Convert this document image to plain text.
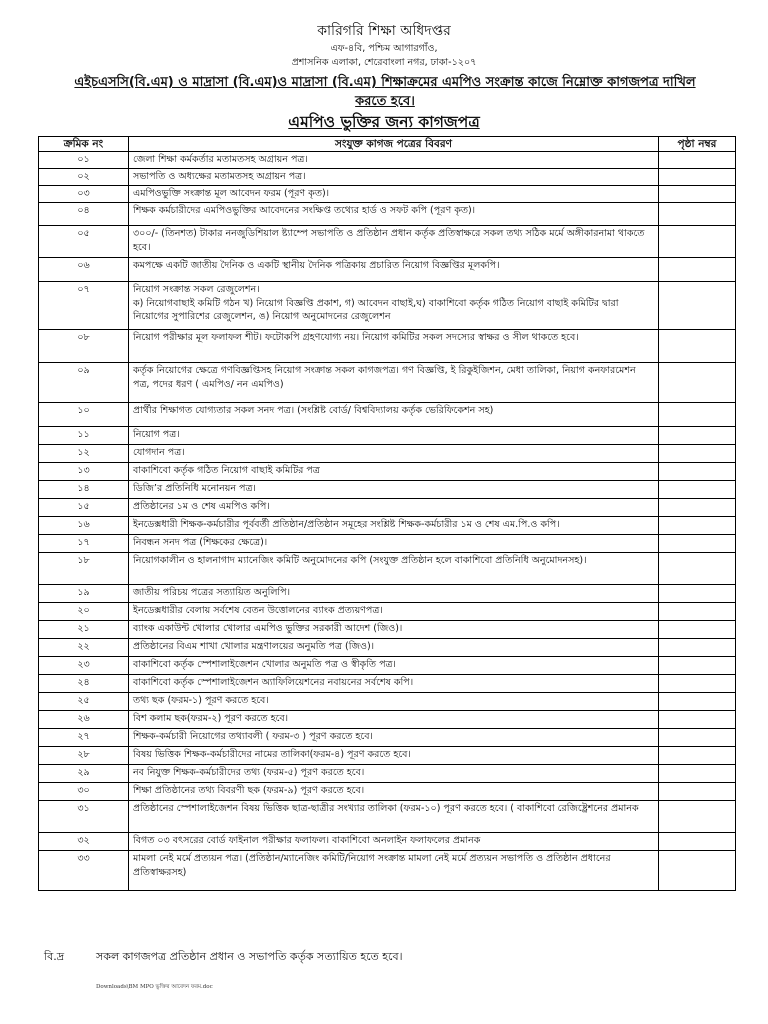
কারিগরি শিক্ষা অধিদপ্তর
এফ-৪বি, পশ্চিম আগারগাঁও,
প্রশাসনিক এলাকা, শেরেবাংলা নগর, ঢাকা-১২০৭
এইচএসসি(বি.এম) ও মাদ্রাসা (বি.এম)ও মাদ্রাসা (বি.এম) শিক্ষাক্রমের এমপিও সংক্রান্ত কাজে নিম্নোক্ত কাগজপত্র দাখিল করতে হবে।
এমপিও ভুক্তির জন্য কাগজপত্র
ক্রমিক নং	সংযুক্ত কাগজ পত্রের বিবরণ	পৃষ্ঠা নম্বর
০১	জেলা শিক্ষা কর্মকর্তার মতামতসহ অগ্রায়ন পত্র।	
০২	সভাপতি ও অধ্যক্ষের মতামতসহ অগ্রায়ন পত্র।	
০৩	এমপিওভুক্তি সংক্রান্ত মূল আবেদন ফরম (পূরণ কৃত)।	
০৪	শিক্ষক কর্মচারীদের এমপিওভুক্তির আবেদনের সংক্ষিপ্ত তথ্যের হার্ড ও সফট কপি (পূরণ কৃত)।	
০৫	৩০০/- (তিনশত) টাকার ননজুডিশিয়াল ষ্ট্যাম্পে সভাপতি ও প্রতিষ্ঠান প্রধান কর্তৃক প্রতিস্বাক্ষরে সকল তথ্য সঠিক মর্মে অঙ্গীকারনামা থাকতে হবে।	
০৬	কমপক্ষে একটি জাতীয় দৈনিক ও একটি স্থানীয় দৈনিক পত্রিকায় প্রচারিত নিয়োগ বিজ্ঞপ্তির মূলকপি।	
০৭	নিয়োগ সংক্রান্ত সকল রেজুলেশন।
ক) নিয়োগবাছাই কমিটি গঠন খ) নিয়োগ বিজ্ঞপ্তি প্রকাশ, গ) আবেদন বাছাই,ঘ) বাকাশিবো কর্তৃক গঠিত নিয়োগ বাছাই কমিটির দ্বারা নিয়োগের সুপারিশের রেজুলেশন, ঙ) নিয়োগ অনুমোদনের রেজুলেশন	
০৮	নিয়োগ পরীক্ষার মূল ফলাফল শীট। ফটোকপি গ্রহণযোগ্য নয়। নিয়োগ কমিটির সকল সদস্যের স্বাক্ষর ও সীল থাকতে হবে।	
০৯	কর্তৃক নিয়োগের ক্ষেত্রে গণবিজ্ঞপ্তিসহ নিয়োগ সংক্রান্ত সকল কাগজপত্র। গণ বিজ্ঞপ্তি, ই রিকুইজিশন, মেধা তালিকা, নিয়াগ কনফারমেশন পত্র, পদের ধরণ ( এমপিও/ নন এমপিও)	
১০	প্রার্থীর শিক্ষাগত যোগ্যতার সকল সনদ পত্র। (সংশ্লিষ্ট বোর্ড/ বিশ্ববিদ্যালয় কর্তৃক ভেরিফিকেশন সহ)	
১১	নিয়োগ পত্র।	
১২	যোগদান পত্র।	
১৩	বাকাশিবো কর্তৃক গঠিত নিয়োগ বাছাই কমিটির পত্র	
১৪	ডিজি’র প্রতিনিধি মনোনয়ন পত্র।	
১৫	প্রতিষ্ঠানের ১ম ও শেষ এমপিও কপি।	
১৬	ইনডেক্সধারী শিক্ষক-কর্মচারীর পূর্ববর্তী প্রতিষ্ঠান/প্রতিষ্ঠান সমূহের সংশ্লিষ্ট শিক্ষক-কর্মচারীর ১ম ও শেষ এম.পি.ও কপি।	
১৭	নিবন্ধন সনদ পত্র (শিক্ষকের ক্ষেত্রে)।	
১৮	নিয়োগকালীন ও হালনাগাদ ম্যানেজিং কমিটি অনুমোদনের কপি (সংযুক্ত প্রতিষ্ঠান হলে বাকাশিবো প্রতিনিধি অনুমোদনসহ)।	
১৯	জাতীয় পরিচয় পত্রের সত্যায়িত অনুলিপি।	
২০	ইনডেক্সধারীর বেলায় সর্বশেষ বেতন উত্তোলনের ব্যাংক প্রত্যয়ণপত্র।	
২১	ব্যাংক একাউন্ট খোলার খোলার এমপিও ভুক্তির সরকারী আদেশ (জিও)।	
২২	প্রতিষ্ঠানের বিএম শাখা খোলার মন্ত্রণালয়ের অনুমতি পত্র (জিও)।	
২৩	বাকাশিবো কর্তৃক স্পেশালাইজেশন খোলার অনুমতি পত্র ও স্বীকৃতি পত্র।	
২৪	বাকাশিবো কর্তৃক স্পেশালাইজেশন অ্যাফিলিয়েশনের নবায়নের সর্বশেষ কপি।	
২৫	তথ্য ছক (ফরম-১) পূরণ করতে হবে।	
২৬	বিশ কলাম ছক(ফরম-২) পূরণ করতে হবে।	
২৭	শিক্ষক-কর্মচারী নিয়োগের তথ্যাবলী ( ফরম-৩ ) পূরণ করতে হবে।	
২৮	বিষয় ভিত্তিক শিক্ষক-কর্মচারীদের নামের তালিকা(ফরম-৪) পূরণ করতে হবে।	
২৯	নব নিযুক্ত শিক্ষক-কর্মচারীদের তথ্য (ফরম-৫) পূরণ করতে হবে।	
৩০	শিক্ষা প্রতিষ্ঠানের তথ্য বিবরণী ছক (ফরম-৯) পূরণ করতে হবে।	
৩১	প্রতিষ্ঠানের স্পেশালাইজেশন বিষয় ভিত্তিক ছাত্র-ছাত্রীর সংখ্যার তালিকা (ফরম-১০) পূরণ করতে হবে। ( বাকাশিবো রেজিষ্ট্রেশনের প্রমানক	
৩২	বিগত ০৩ বৎসরের বোর্ড ফাইনাল পরীক্ষার ফলাফল। বাকাশিবো অনলাইন ফলাফলের প্রমানক	
৩৩	মামলা নেই মর্মে প্রত্যয়ন পত্র। (প্রতিষ্ঠান/ম্যানেজিং কমিটি/নিয়োগ সংক্রান্ত মামলা নেই মর্মে প্রত্যয়ন সভাপতি ও প্রতিষ্ঠান প্রধানের প্রতিস্বাক্ষরসহ)	
বি.দ্র	সকল কাগজপত্র প্রতিষ্ঠান প্রধান ও সভাপতি কর্তৃক সত্যায়িত হতে হবে।
Downloads\BM MPO ভুক্তির আবেদন ফরম.doc
